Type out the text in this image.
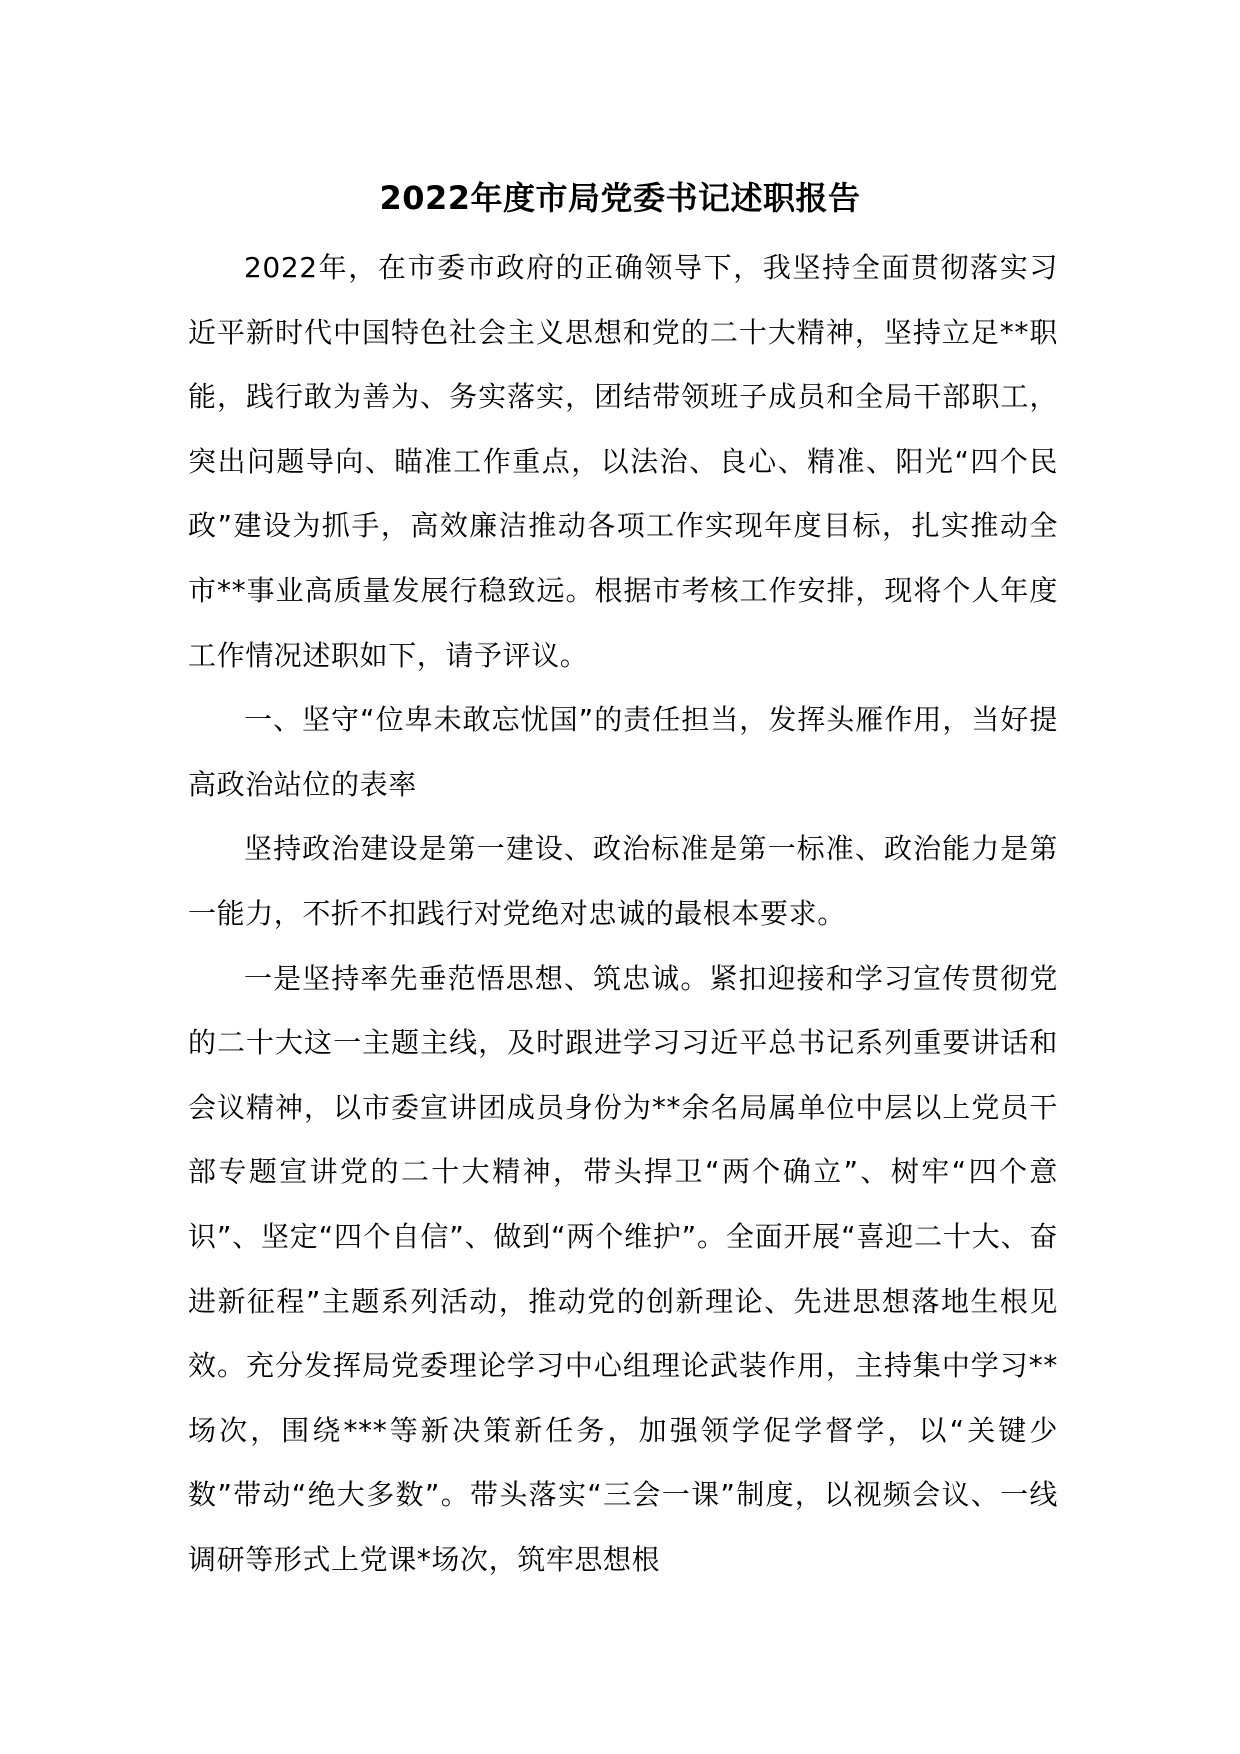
2022年度市局党委书记述职报告

2022年，在市委市政府的正确领导下，我坚持全面贯彻落实习近平新时代中国特色社会主义思想和党的二十大精神，坚持立足**职能，践行敢为善为、务实落实，团结带领班子成员和全局干部职工，突出问题导向、瞄准工作重点，以法治、良心、精准、阳光“四个民政”建设为抓手，高效廉洁推动各项工作实现年度目标，扎实推动全市**事业高质量发展行稳致远。根据市考核工作安排，现将个人年度工作情况述职如下，请予评议。

一、坚守“位卑未敢忘忧国”的责任担当，发挥头雁作用，当好提高政治站位的表率

坚持政治建设是第一建设、政治标准是第一标准、政治能力是第一能力，不折不扣践行对党绝对忠诚的最根本要求。

一是坚持率先垂范悟思想、筑忠诚。紧扣迎接和学习宣传贯彻党的二十大这一主题主线，及时跟进学习习近平总书记系列重要讲话和会议精神，以市委宣讲团成员身份为**余名局属单位中层以上党员干部专题宣讲党的二十大精神，带头捍卫“两个确立”、树牢“四个意识”、坚定“四个自信”、做到“两个维护”。全面开展“喜迎二十大、奋进新征程”主题系列活动，推动党的创新理论、先进思想落地生根见效。充分发挥局党委理论学习中心组理论武装作用，主持集中学习**场次，围绕***等新决策新任务，加强领学促学督学，以“关键少数”带动“绝大多数”。带头落实“三会一课”制度，以视频会议、一线调研等形式上党课*场次，筑牢思想根
